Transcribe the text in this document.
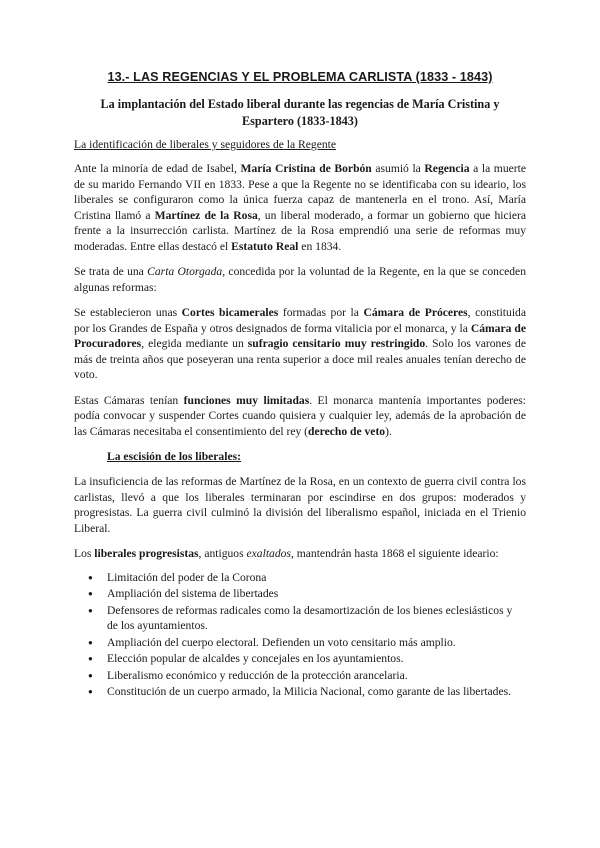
13.- LAS REGENCIAS Y EL PROBLEMA CARLISTA (1833 - 1843)
La implantación del Estado liberal durante las regencias de María Cristina y Espartero (1833-1843)
La identificación de liberales y seguidores de la Regente

Ante la minoría de edad de Isabel, María Cristina de Borbón asumió la Regencia a la muerte de su marido Fernando VII en 1833. Pese a que la Regente no se identificaba con su ideario, los liberales se configuraron como la única fuerza capaz de mantenerla en el trono. Así, María Cristina llamó a Martínez de la Rosa, un liberal moderado, a formar un gobierno que hiciera frente a la insurrección carlista. Martínez de la Rosa emprendió una serie de reformas muy moderadas. Entre ellas destacó el Estatuto Real en 1834.

Se trata de una Carta Otorgada, concedida por la voluntad de la Regente, en la que se conceden algunas reformas:

Se establecieron unas Cortes bicamerales formadas por la Cámara de Próceres, constituida por los Grandes de España y otros designados de forma vitalicia por el monarca, y la Cámara de Procuradores, elegida mediante un sufragio censitario muy restringido. Solo los varones de más de treinta años que poseyeran una renta superior a doce mil reales anuales tenían derecho de voto.

Estas Cámaras tenían funciones muy limitadas. El monarca mantenía importantes poderes: podía convocar y suspender Cortes cuando quisiera y cualquier ley, además de la aprobación de las Cámaras necesitaba el consentimiento del rey (derecho de veto).

La escisión de los liberales:

La insuficiencia de las reformas de Martínez de la Rosa, en un contexto de guerra civil contra los carlistas, llevó a que los liberales terminaran por escindirse en dos grupos: moderados y progresistas. La guerra civil culminó la división del liberalismo español, iniciada en el Trienio Liberal.

Los liberales progresistas, antiguos exaltados, mantendrán hasta 1868 el siguiente ideario:

● Limitación del poder de la Corona
● Ampliación del sistema de libertades
● Defensores de reformas radicales como la desamortización de los bienes eclesiásticos y de los ayuntamientos.
● Ampliación del cuerpo electoral. Defienden un voto censitario más amplio.
● Elección popular de alcaldes y concejales en los ayuntamientos.
● Liberalismo económico y reducción de la protección arancelaria.
● Constitución de un cuerpo armado, la Milicia Nacional, como garante de las libertades.
